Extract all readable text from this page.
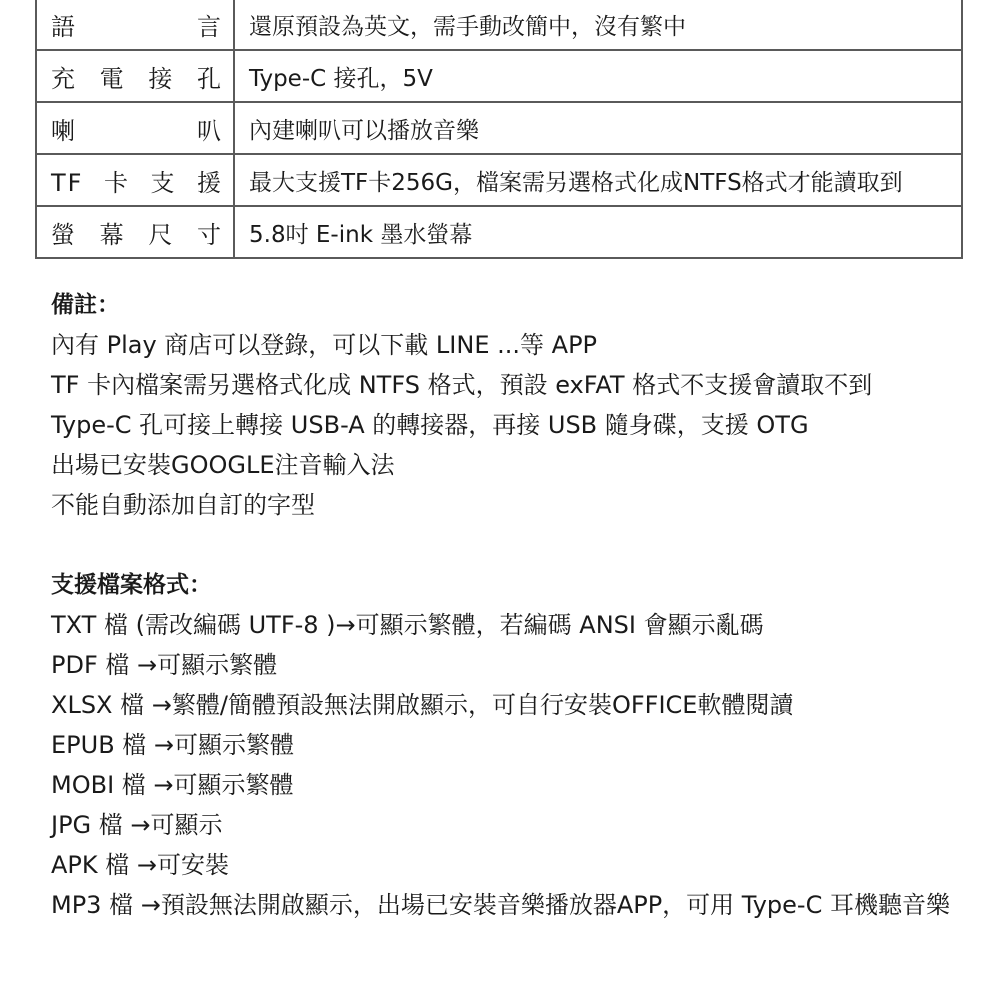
語言	還原預設為英文，需手動改簡中，沒有繁中
充電接孔	Type-C 接孔，5V
喇叭	內建喇叭可以播放音樂
TF卡支援	最大支援TF卡256G，檔案需另選格式化成NTFS格式才能讀取到
螢幕尺寸	5.8吋 E-ink 墨水螢幕
備註：
內有 Play 商店可以登錄，可以下載 LINE ...等 APP
TF 卡內檔案需另選格式化成 NTFS 格式，預設 exFAT 格式不支援會讀取不到
Type-C 孔可接上轉接 USB-A 的轉接器，再接 USB 隨身碟，支援 OTG
出場已安裝GOOGLE注音輸入法
不能自動添加自訂的字型
支援檔案格式：
TXT 檔 (需改編碼 UTF-8 )→可顯示繁體，若編碼 ANSI 會顯示亂碼
PDF 檔 →可顯示繁體
XLSX 檔 →繁體/簡體預設無法開啟顯示，可自行安裝OFFICE軟體閱讀
EPUB 檔 →可顯示繁體
MOBI 檔 →可顯示繁體
JPG 檔 →可顯示
APK 檔 →可安裝
MP3 檔 →預設無法開啟顯示，出場已安裝音樂播放器APP，可用 Type-C 耳機聽音樂
